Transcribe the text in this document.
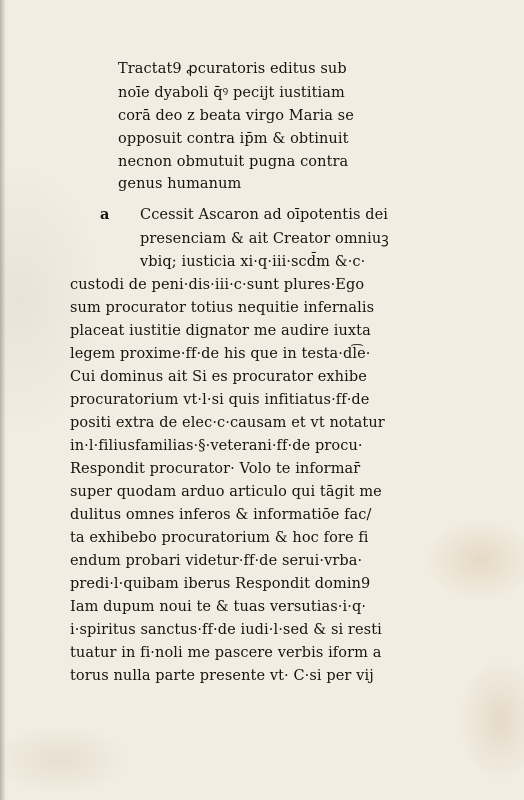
Tractat9 ꝓcuratoris editus sub
noīe dyaboli q̄ꝰ pecijt iustitiam
corā deo z beata virgo Maria se
opposuit contra ip̄m & obtinuit
necnon obmutuit pugna contra
genus humanum
a Ccessit Ascaron ad oīpotentis dei
presenciam & ait Creator omniuꝫ
vbiq; iusticia xi·q·iii·scd̄m &·c·
custodi de peni·dis·iii·c·sunt plures·Ego
sum procurator totius nequitie infernalis
placeat iustitie dignator me audire iuxta
legem proxime·ff·de his que in testa·dl͡e·
Cui dominus ait Si es procurator exhibe
procuratorium vt·l·si quis infitiatus·ff·de
positi extra de elec·c·causam et vt notatur
in·l·filiusfamilias·§·veterani·ff·de procu·
Respondit procurator· Volo te informar̄
super quodam arduo articulo qui tāgit me
dulitus omnes inferos & informatiōe fac/
ta exhibebo procuratorium & hoc fore fi
endum probari videtur·ff·de serui·vrba·
predi·l·quibam iberus Respondit domin9
Iam dupum noui te & tuas versutias·i·q·
i·spiritus sanctus·ff·de iudi·l·sed & si resti
tuatur in fi·noli me pascere verbis iform a
torus nulla parte presente vt· C·si per vij
